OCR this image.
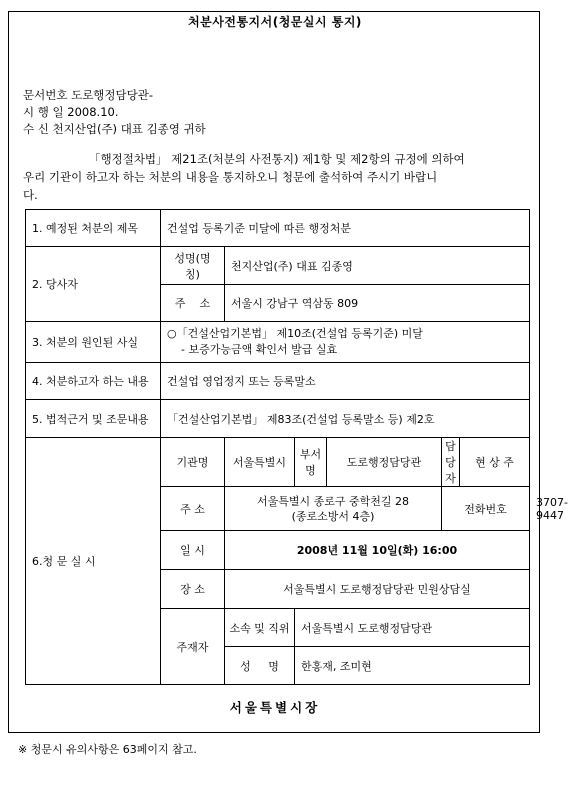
처분사전통지서(청문실시 통지)
문서번호 도로행정담당관-
시 행 일 2008.10.
수 신 천지산업(주) 대표 김종영 귀하
「행정절차법」 제21조(처분의 사전통지) 제1항 및 제2항의 규정에 의하여
우리 기관이 하고자 하는 처분의 내용을 통지하오니 청문에 출석하여 주시기 바랍니
다.
1. 예정된 처분의 제목	건설업 등록기준 미달에 따른 행정처분						
2. 당사자	성명(명칭)	천지산업(주) 대표 김종영					
	주    소	서울시 강남구 역삼동 809					
3. 처분의 원인된 사실	○「건설산업기본법」 제10조(건설업 등록기준) 미달
- 보증가능금액 확인서 발급 실효						

4. 처분하고자 하는 내용	건설업 영업정지 또는 등록말소						
5. 법적근거 및 조문내용	「건설산업기본법」 제83조(건설업 등록말소 등) 제2호						
6.청 문 실 시	기관명	서울특별시	부서명	도로행정담당관	담당자	현 상 주	
	주 소	서울특별시 종로구 중학천길 28
(종로소방서 4층)			전화번호		3707-9447
	일 시	2008년 11월 10일(화) 16:00					
	장 소	서울특별시 도로행정담당관 민원상담실					
	주재자	소속 및 직위	서울특별시 도로행정담당관				
		성     명	한홍재, 조미현				
서울특별시장
※ 청문시 유의사항은 63페이지 참고.
